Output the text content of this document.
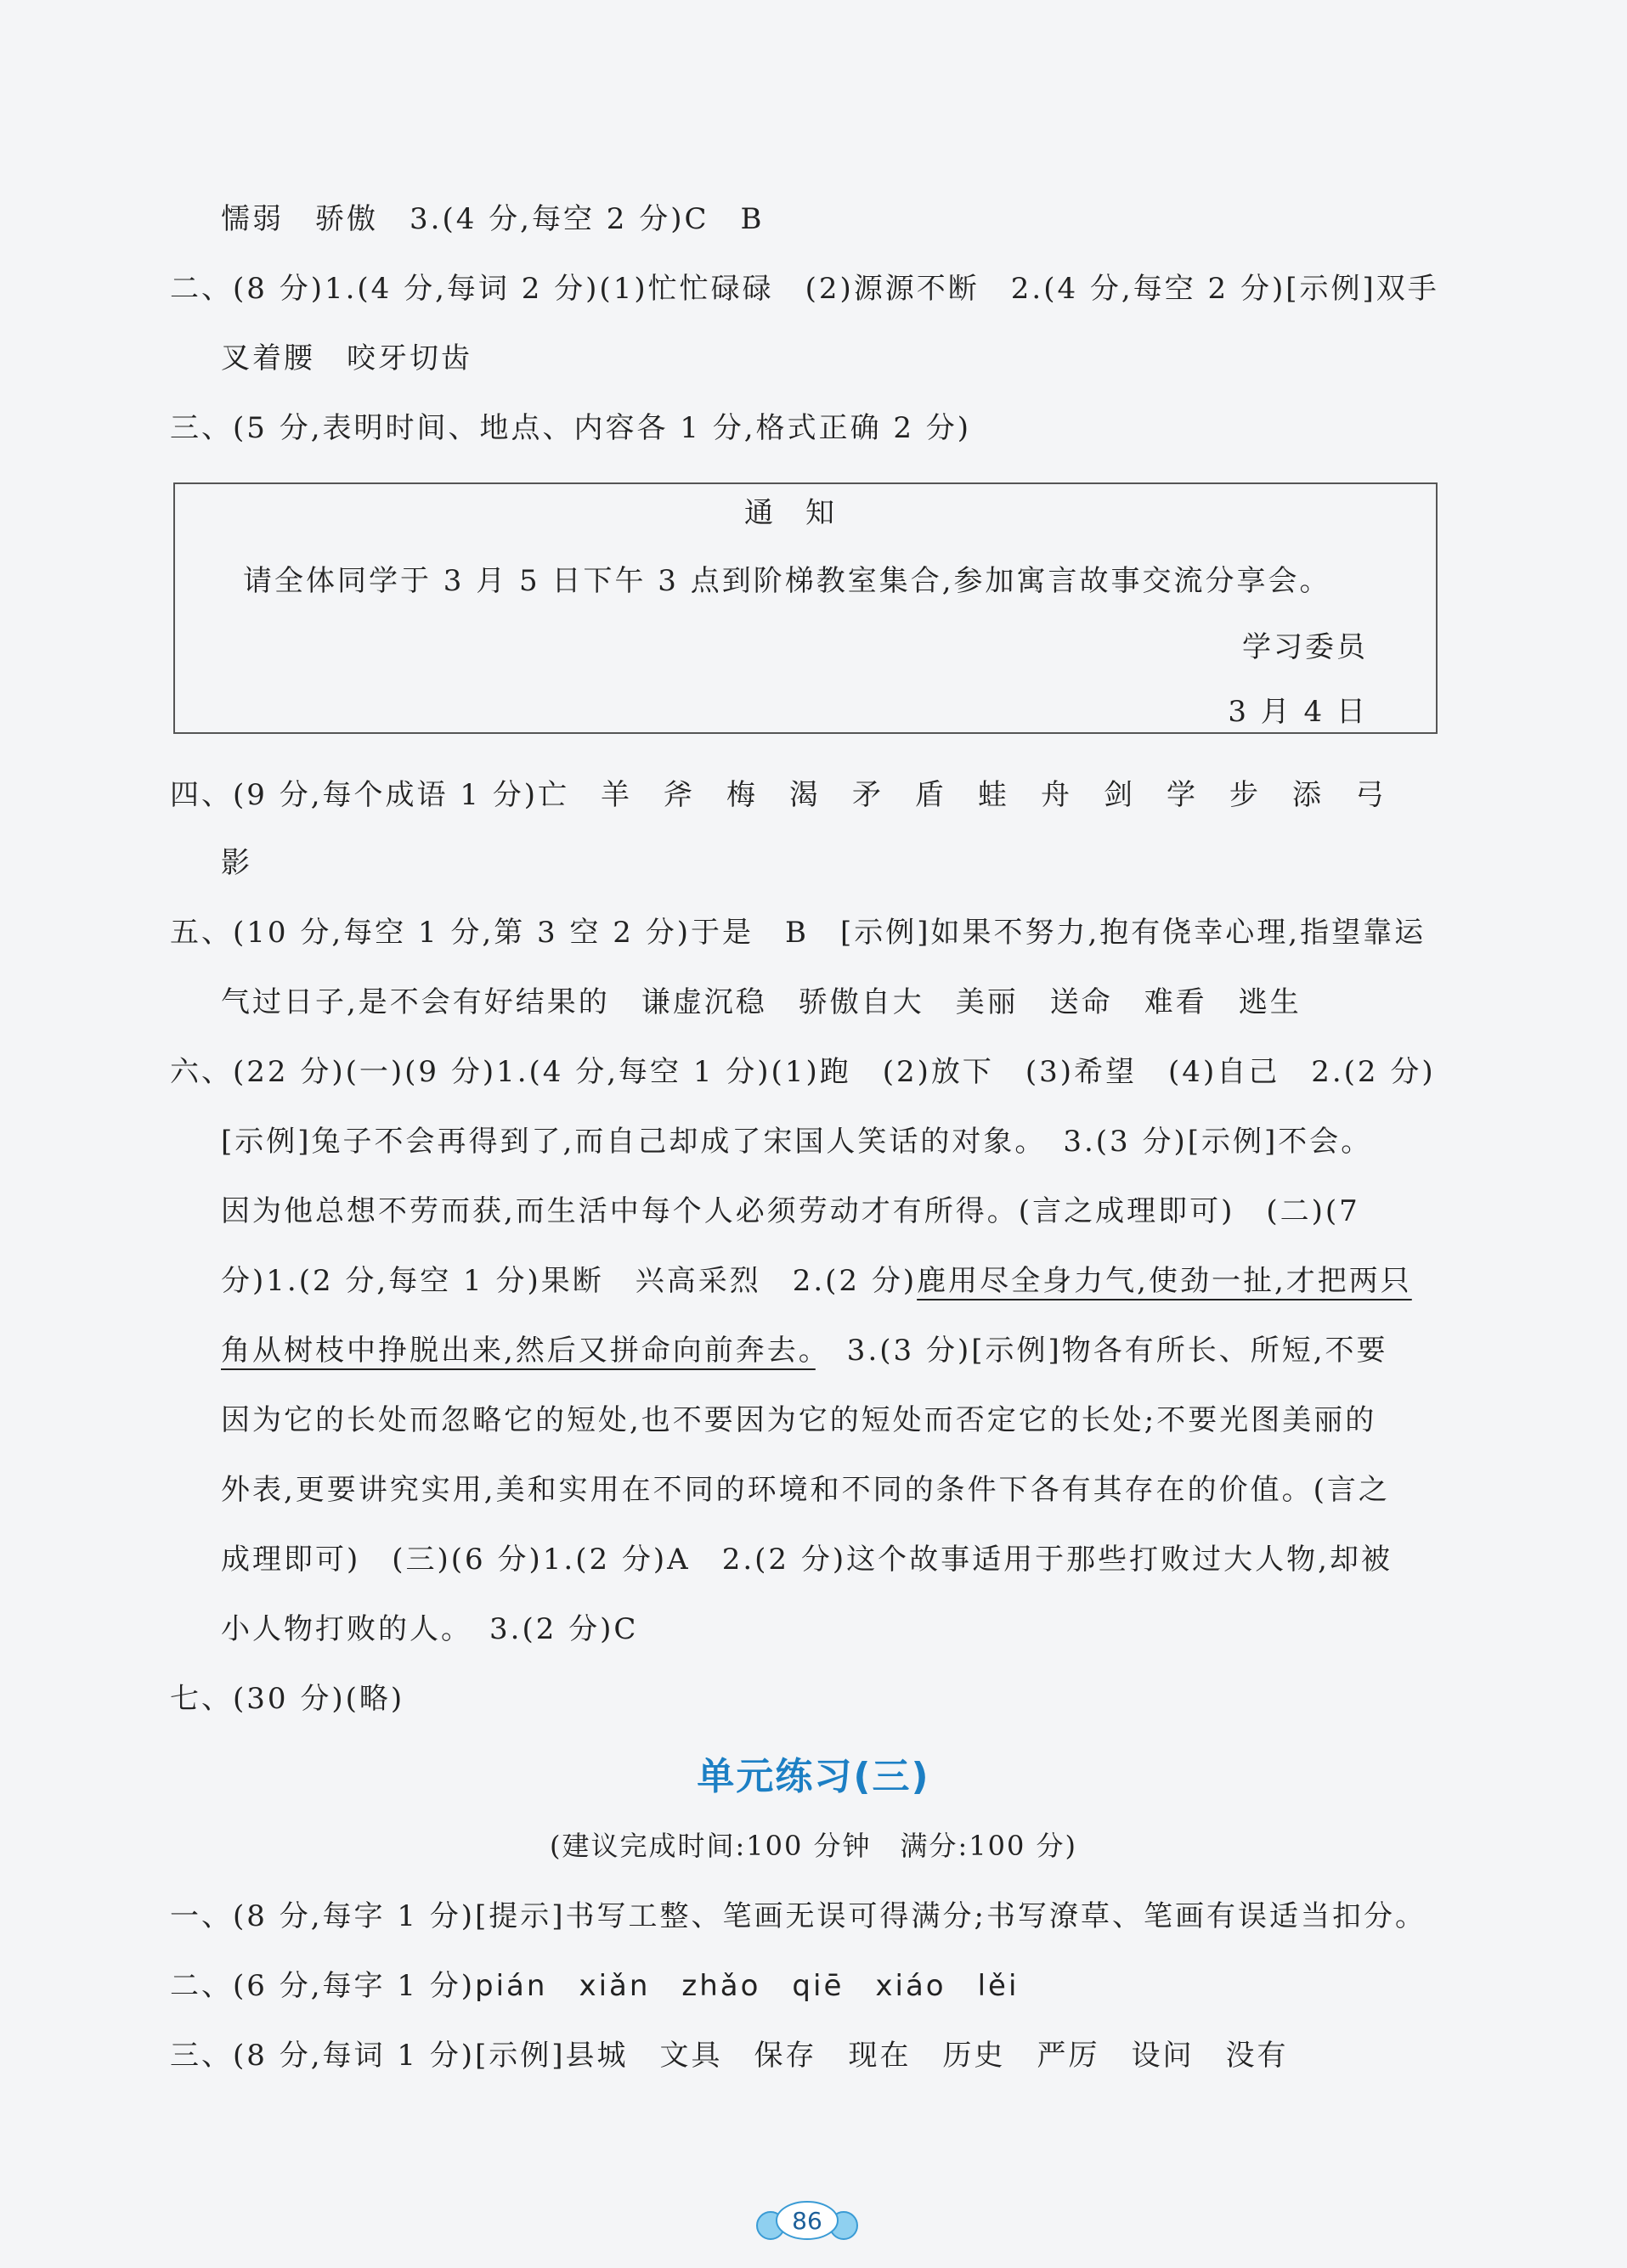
懦弱　骄傲　3.(4 分,每空 2 分)C　B
二、(8 分)1.(4 分,每词 2 分)(1)忙忙碌碌　(2)源源不断　2.(4 分,每空 2 分)[示例]双手
叉着腰　咬牙切齿
三、(5 分,表明时间、地点、内容各 1 分,格式正确 2 分)
通知
请全体同学于 3 月 5 日下午 3 点到阶梯教室集合,参加寓言故事交流分享会。
学习委员
3 月 4 日
四、(9 分,每个成语 1 分)亡　羊　斧　梅　渴　矛　盾　蛙　舟　剑　学　步　添　弓
影
五、(10 分,每空 1 分,第 3 空 2 分)于是　B　[示例]如果不努力,抱有侥幸心理,指望靠运
气过日子,是不会有好结果的　谦虚沉稳　骄傲自大　美丽　送命　难看　逃生
六、(22 分)(一)(9 分)1.(4 分,每空 1 分)(1)跑　(2)放下　(3)希望　(4)自己　2.(2 分)
[示例]兔子不会再得到了,而自己却成了宋国人笑话的对象。　3.(3 分)[示例]不会。
因为他总想不劳而获,而生活中每个人必须劳动才有所得。(言之成理即可)　(二)(7
分)1.(2 分,每空 1 分)果断　兴高采烈　2.(2 分)鹿用尽全身力气,使劲一扯,才把两只
角从树枝中挣脱出来,然后又拼命向前奔去。　3.(3 分)[示例]物各有所长、所短,不要
因为它的长处而忽略它的短处,也不要因为它的短处而否定它的长处;不要光图美丽的
外表,更要讲究实用,美和实用在不同的环境和不同的条件下各有其存在的价值。(言之
成理即可)　(三)(6 分)1.(2 分)A　2.(2 分)这个故事适用于那些打败过大人物,却被
小人物打败的人。　3.(2 分)C
七、(30 分)(略)
单元练习(三)
(建议完成时间:100 分钟　满分:100 分)
一、(8 分,每字 1 分)[提示]书写工整、笔画无误可得满分;书写潦草、笔画有误适当扣分。
二、(6 分,每字 1 分)pián　xiǎn　zhǎo　qiē　xiáo　lěi
三、(8 分,每词 1 分)[示例]县城　文具　保存　现在　历史　严厉　设问　没有
86
